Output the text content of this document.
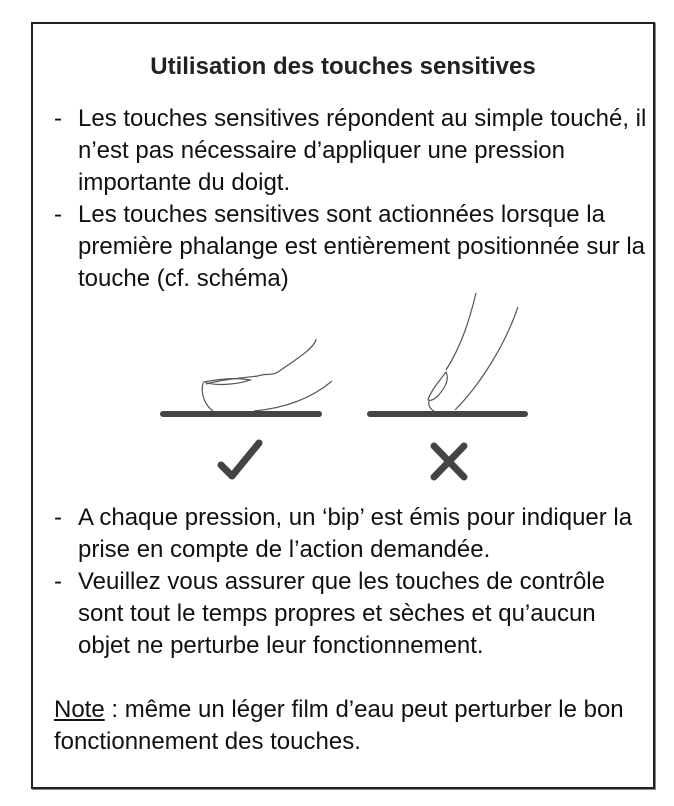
Utilisation des touches sensitives
- Les touches sensitives répondent au simple touché, il n’est pas nécessaire d’appliquer une pression importante du doigt.
- Les touches sensitives sont actionnées lorsque la première phalange est entièrement positionnée sur la touche (cf. schéma)
- A chaque pression, un ‘bip’ est émis pour indiquer la prise en compte de l’action demandée.
- Veuillez vous assurer que les touches de contrôle sont tout le temps propres et sèches et qu’aucun objet ne perturbe leur fonctionnement.
Note : même un léger film d’eau peut perturber le bon fonctionnement des touches.
